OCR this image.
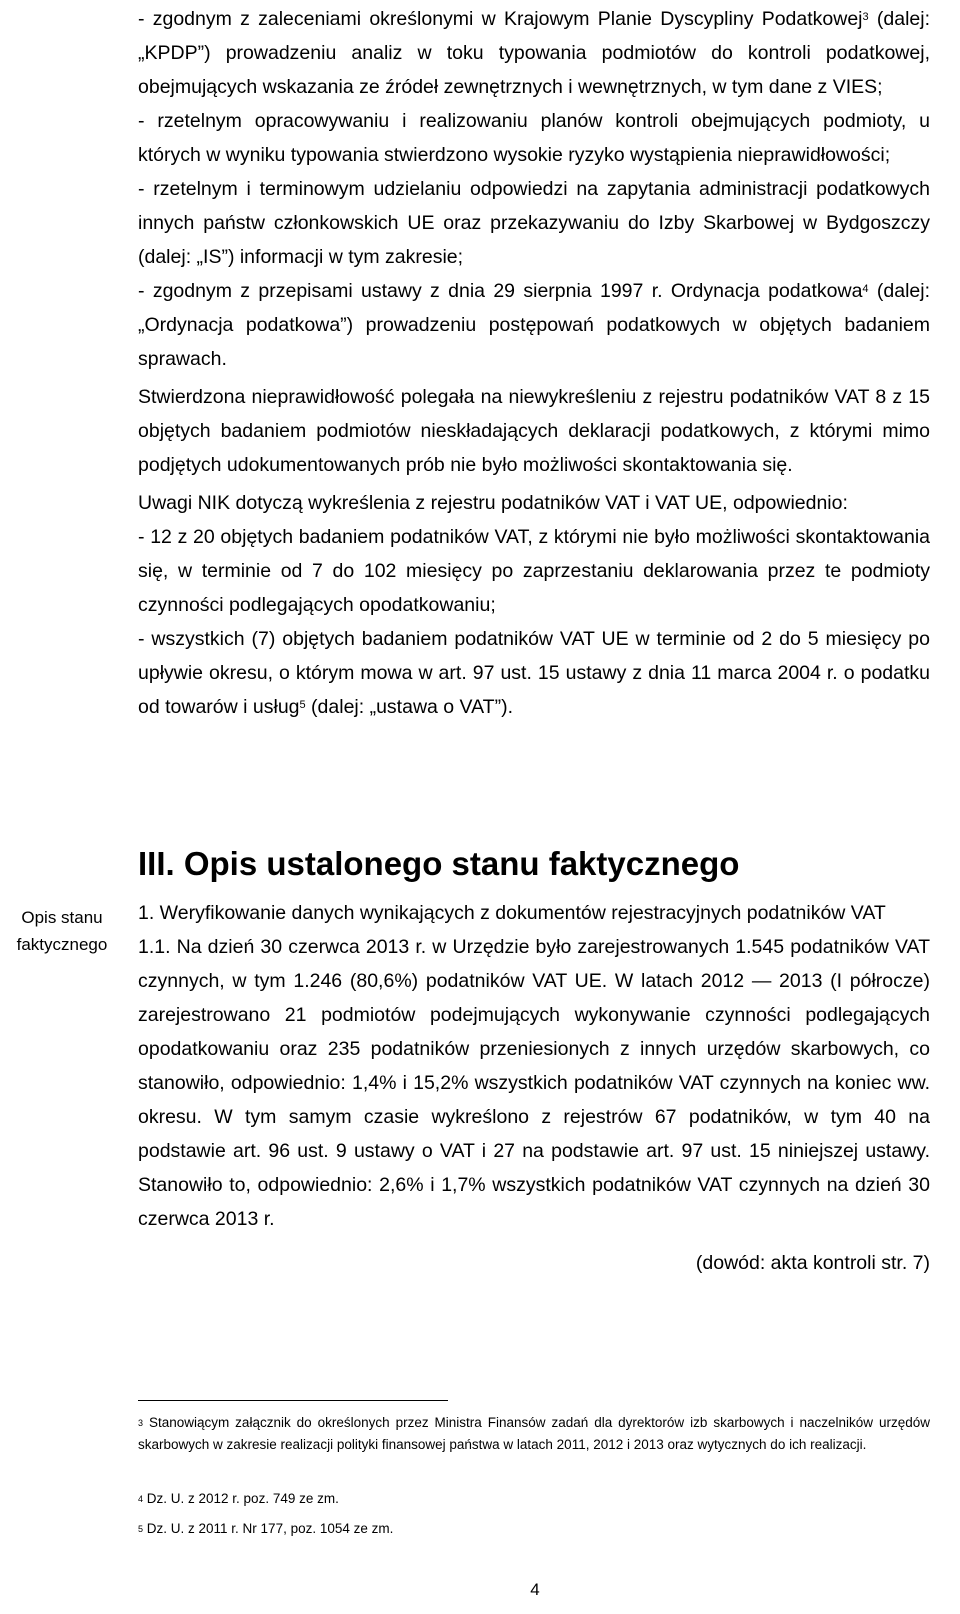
- zgodnym z zaleceniami określonymi w Krajowym Planie Dyscypliny Podatkowej$^3$ (dalej: „KPDP”) prowadzeniu analiz w toku typowania podmiotów do kontroli podatkowej, obejmujących wskazania ze źródeł zewnętrznych i wewnętrznych, w tym dane z VIES;

- rzetelnym opracowywaniu i realizowaniu planów kontroli obejmujących podmioty, u których w wyniku typowania stwierdzono wysokie ryzyko wystąpienia nieprawidłowości;

- rzetelnym i terminowym udzielaniu odpowiedzi na zapytania administracji podatkowych innych państw członkowskich UE oraz przekazywaniu do Izby Skarbowej w Bydgoszczy (dalej: „IS”) informacji w tym zakresie;

- zgodnym z przepisami ustawy z dnia 29 sierpnia 1997 r. Ordynacja podatkowa$^4$ (dalej: „Ordynacja podatkowa”) prowadzeniu postępowań podatkowych w objętych badaniem sprawach.

Stwierdzona nieprawidłowość polegała na niewykreśleniu z rejestru podatników VAT 8 z 15 objętych badaniem podmiotów nieskładających deklaracji podatkowych, z którymi mimo podjętych udokumentowanych prób nie było możliwości skontaktowania się.

Uwagi NIK dotyczą wykreślenia z rejestru podatników VAT i VAT UE, odpowiednio:

- 12 z 20 objętych badaniem podatników VAT, z którymi nie było możliwości skontaktowania się, w terminie od 7 do 102 miesięcy po zaprzestaniu deklarowania przez te podmioty czynności podlegających opodatkowaniu;

- wszystkich (7) objętych badaniem podatników VAT UE w terminie od 2 do 5 miesięcy po upływie okresu, o którym mowa w art. 97 ust. 15 ustawy z dnia 11 marca 2004 r. o podatku od towarów i usług$^5$ (dalej: „ustawa o VAT”).

III. Opis ustalonego stanu faktycznego
Opis stanu faktycznego

1. Weryfikowanie danych wynikających z dokumentów rejestracyjnych podatników VAT

1.1. Na dzień 30 czerwca 2013 r. w Urzędzie było zarejestrowanych 1.545 podatników VAT czynnych, w tym 1.246 (80,6%) podatników VAT UE. W latach 2012 — 2013 (I półrocze) zarejestrowano 21 podmiotów podejmujących wykonywanie czynności podlegających opodatkowaniu oraz 235 podatników przeniesionych z innych urzędów skarbowych, co stanowiło, odpowiednio: 1,4% i 15,2% wszystkich podatników VAT czynnych na koniec ww. okresu. W tym samym czasie wykreślono z rejestrów 67 podatników, w tym 40 na podstawie art. 96 ust. 9 ustawy o VAT i 27 na podstawie art. 97 ust. 15 niniejszej ustawy. Stanowiło to, odpowiednio: 2,6% i 1,7% wszystkich podatników VAT czynnych na dzień 30 czerwca 2013 r.

(dowód: akta kontroli str. 7)

$^3$ Stanowiącym załącznik do określonych przez Ministra Finansów zadań dla dyrektorów izb skarbowych i naczelników urzędów skarbowych w zakresie realizacji polityki finansowej państwa w latach 2011, 2012 i 2013 oraz wytycznych do ich realizacji.

$^4$ Dz. U. z 2012 r. poz. 749 ze zm.

$^5$ Dz. U. z 2011 r. Nr 177, poz. 1054 ze zm.

4
